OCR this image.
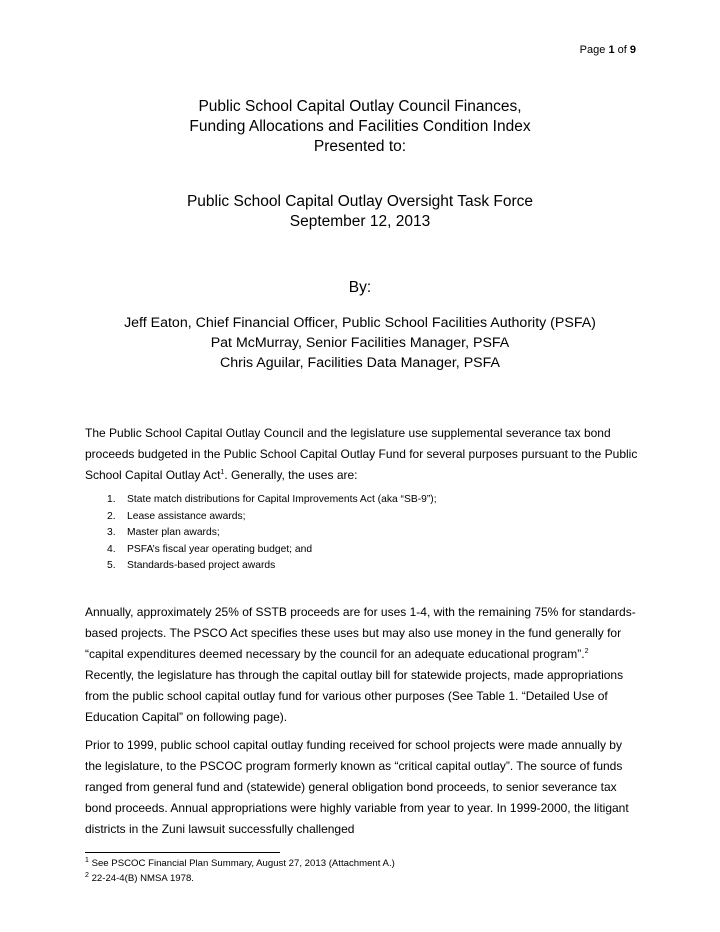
Page 1 of 9
Public School Capital Outlay Council Finances,
Funding Allocations and Facilities Condition Index
Presented to:
Public School Capital Outlay Oversight Task Force
September 12, 2013
By:
Jeff Eaton, Chief Financial Officer, Public School Facilities Authority (PSFA)
Pat McMurray, Senior Facilities Manager, PSFA
Chris Aguilar, Facilities Data Manager, PSFA
The Public School Capital Outlay Council and the legislature use supplemental severance tax bond proceeds budgeted in the Public School Capital Outlay Fund for several purposes pursuant to the Public School Capital Outlay Act$^1$. Generally, the uses are:
1. State match distributions for Capital Improvements Act (aka “SB-9”);
2. Lease assistance awards;
3. Master plan awards;
4. PSFA’s fiscal year operating budget; and
5. Standards-based project awards
Annually, approximately 25% of SSTB proceeds are for uses 1-4, with the remaining 75% for standards-based projects. The PSCO Act specifies these uses but may also use money in the fund generally for “capital expenditures deemed necessary by the council for an adequate educational program”.$^2$ Recently, the legislature has through the capital outlay bill for statewide projects, made appropriations from the public school capital outlay fund for various other purposes (See Table 1. “Detailed Use of Education Capital” on following page).
Prior to 1999, public school capital outlay funding received for school projects were made annually by the legislature, to the PSCOC program formerly known as “critical capital outlay”. The source of funds ranged from general fund and (statewide) general obligation bond proceeds, to senior severance tax bond proceeds. Annual appropriations were highly variable from year to year. In 1999-2000, the litigant districts in the Zuni lawsuit successfully challenged
$^1$ See PSCOC Financial Plan Summary, August 27, 2013 (Attachment A.)
$^2$ 22-24-4(B) NMSA 1978.
